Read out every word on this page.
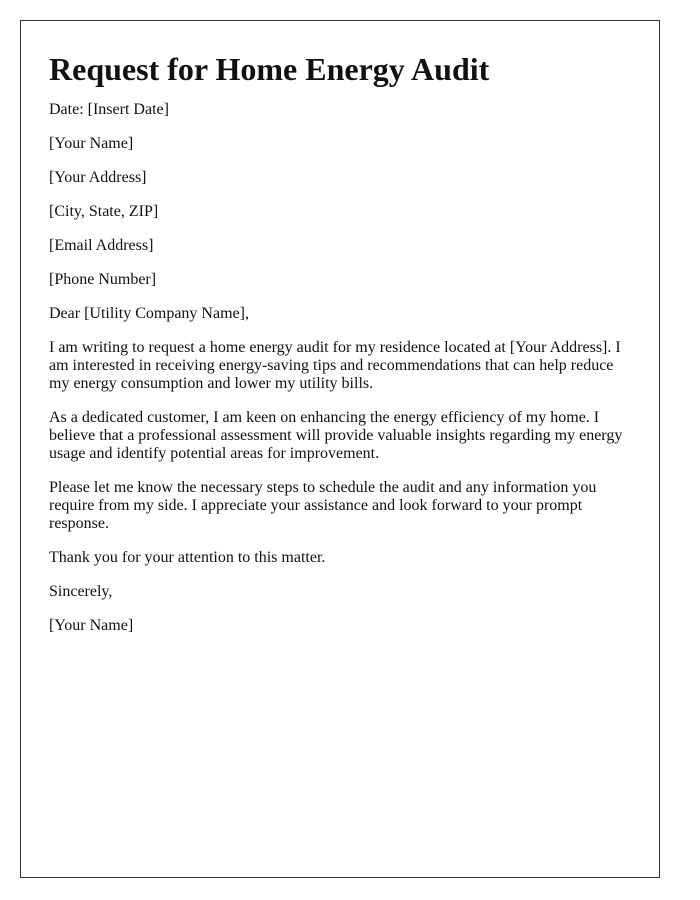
Request for Home Energy Audit

Date: [Insert Date]

[Your Name]

[Your Address]

[City, State, ZIP]

[Email Address]

[Phone Number]

Dear [Utility Company Name],

I am writing to request a home energy audit for my residence located at [Your Address]. I am interested in receiving energy-saving tips and recommendations that can help reduce my energy consumption and lower my utility bills.

As a dedicated customer, I am keen on enhancing the energy efficiency of my home. I believe that a professional assessment will provide valuable insights regarding my energy usage and identify potential areas for improvement.

Please let me know the necessary steps to schedule the audit and any information you require from my side. I appreciate your assistance and look forward to your prompt response.

Thank you for your attention to this matter.

Sincerely,

[Your Name]
